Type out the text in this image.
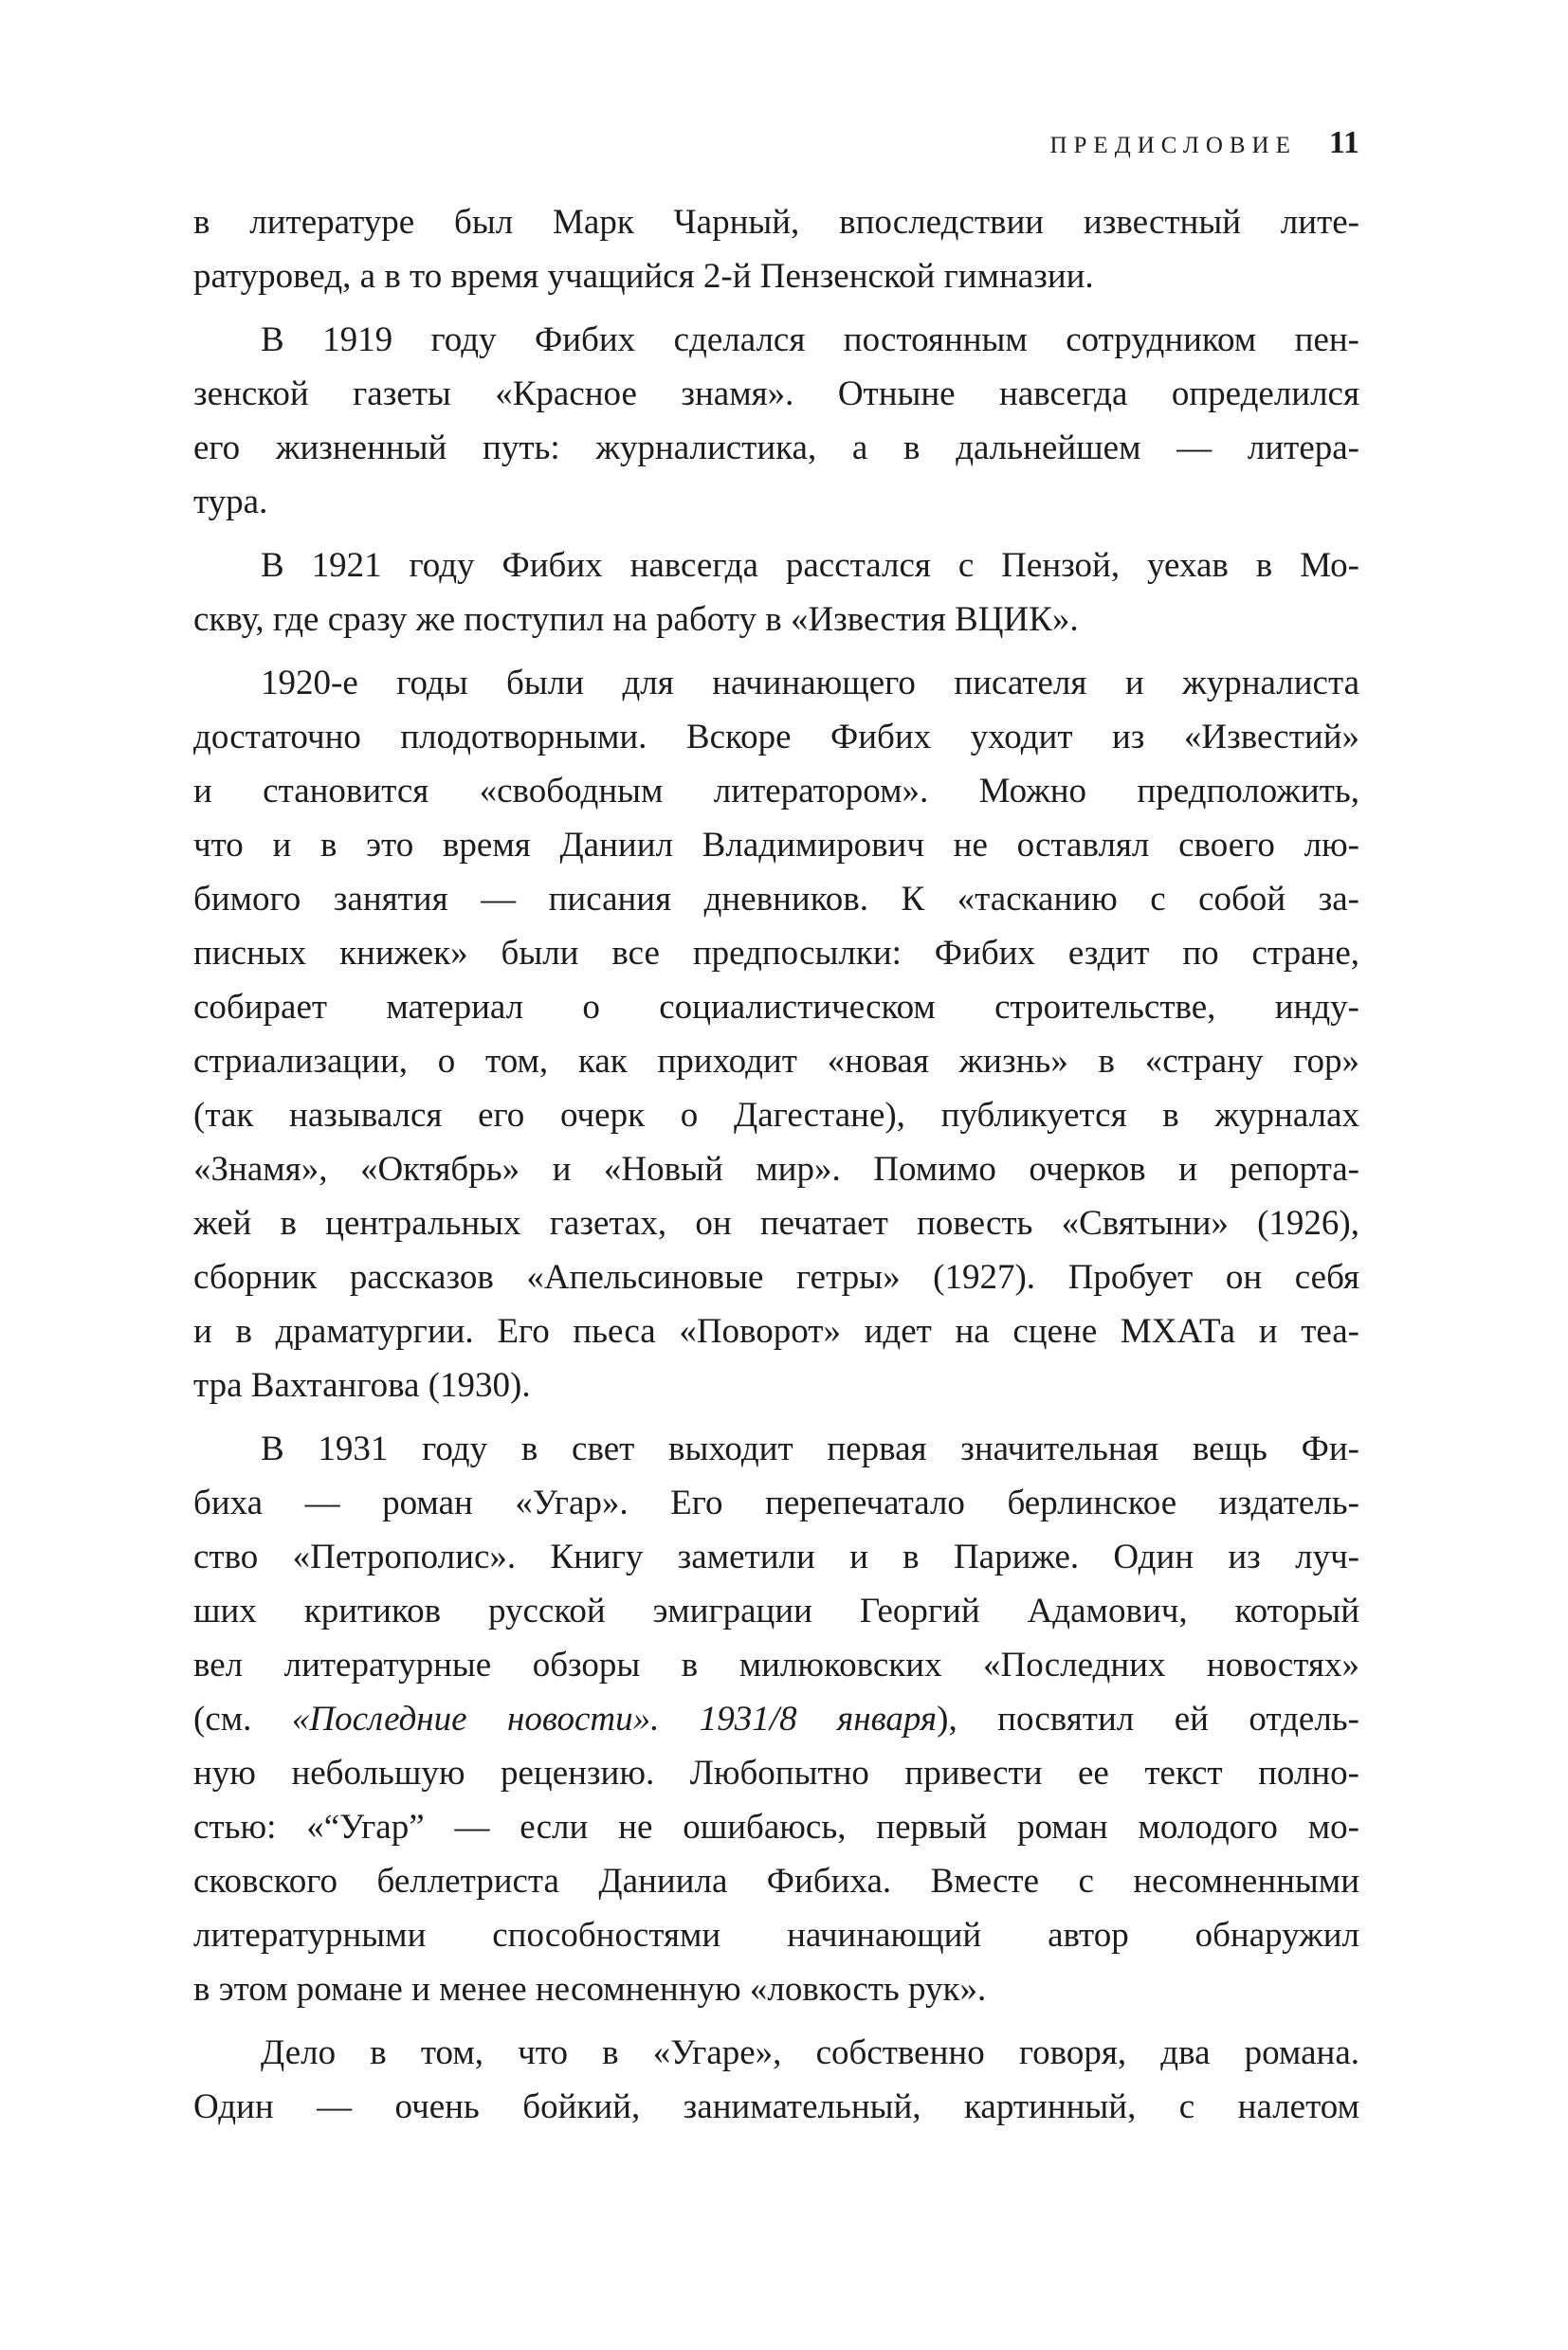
ПРЕДИСЛОВИЕ 11
в литературе был Марк Чарный, впоследствии известный лите-
ратуровед, а в то время учащийся 2-й Пензенской гимназии.
В 1919 году Фибих сделался постоянным сотрудником пен-
зенской газеты «Красное знамя». Отныне навсегда определился
его жизненный путь: журналистика, а в дальнейшем — литера-
тура.
В 1921 году Фибих навсегда расстался с Пензой, уехав в Мо-
скву, где сразу же поступил на работу в «Известия ВЦИК».
1920-е годы были для начинающего писателя и журналиста
достаточно плодотворными. Вскоре Фибих уходит из «Известий»
и становится «свободным литератором». Можно предположить,
что и в это время Даниил Владимирович не оставлял своего лю-
бимого занятия — писания дневников. К «тасканию с собой за-
писных книжек» были все предпосылки: Фибих ездит по стране,
собирает материал о социалистическом строительстве, инду-
стриализации, о том, как приходит «новая жизнь» в «страну гор»
(так назывался его очерк о Дагестане), публикуется в журналах
«Знамя», «Октябрь» и «Новый мир». Помимо очерков и репорта-
жей в центральных газетах, он печатает повесть «Святыни» (1926),
сборник рассказов «Апельсиновые гетры» (1927). Пробует он себя
и в драматургии. Его пьеса «Поворот» идет на сцене МХАТа и теа-
тра Вахтангова (1930).
В 1931 году в свет выходит первая значительная вещь Фи-
биха — роман «Угар». Его перепечатало берлинское издатель-
ство «Петрополис». Книгу заметили и в Париже. Один из луч-
ших критиков русской эмиграции Георгий Адамович, который
вел литературные обзоры в милюковских «Последних новостях»
(см. «Последние новости». 1931/8 января), посвятил ей отдель-
ную небольшую рецензию. Любопытно привести ее текст полно-
стью: «“Угар” — если не ошибаюсь, первый роман молодого мо-
сковского беллетриста Даниила Фибиха. Вместе с несомненными
литературными способностями начинающий автор обнаружил
в этом романе и менее несомненную «ловкость рук».
Дело в том, что в «Угаре», собственно говоря, два романа.
Один — очень бойкий, занимательный, картинный, с налетом
